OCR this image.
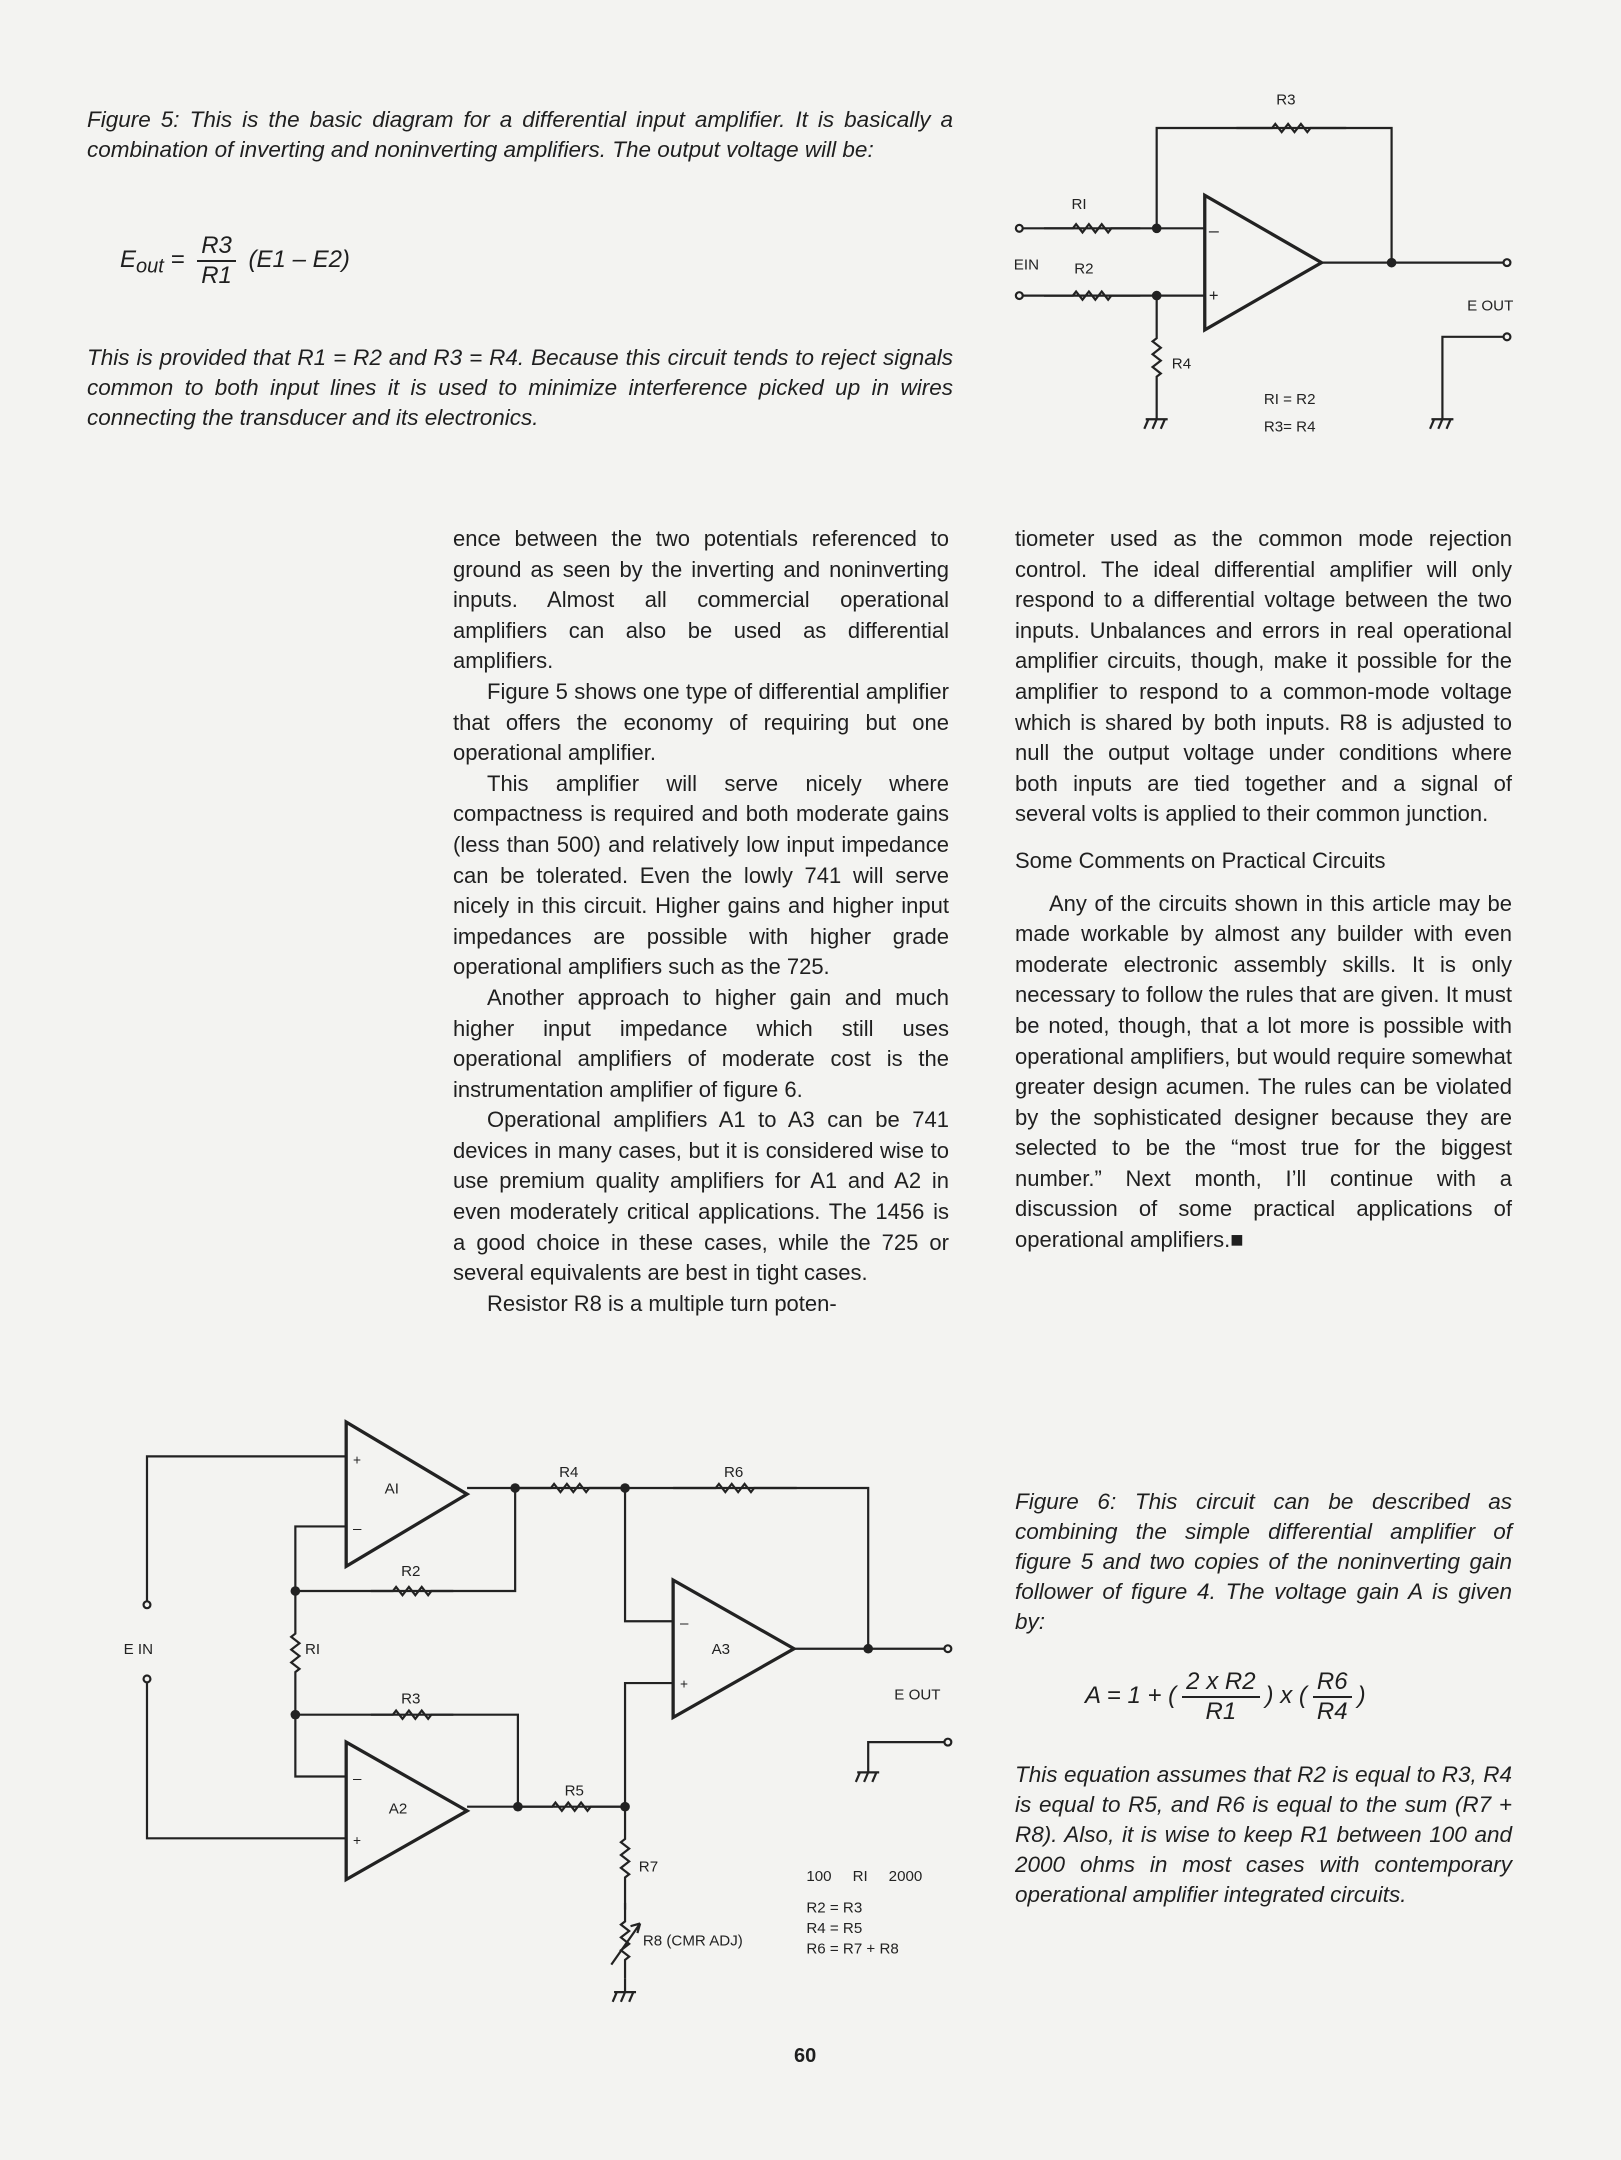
Figure 5: This is the basic diagram for a differential input amplifier. It is basically a combination of inverting and noninverting amplifiers. The output voltage will be:
$E_{out} = \frac{R3}{R1} (E1 - E2)$
This is provided that R1 = R2 and R3 = R4. Because this circuit tends to reject signals common to both input lines it is used to minimize interference picked up in wires connecting the transducer and its electronics.

ence between the two potentials referenced to ground as seen by the inverting and noninverting inputs. Almost all commercial operational amplifiers can also be used as differential amplifiers.

Figure 5 shows one type of differential amplifier that offers the economy of requiring but one operational amplifier.

This amplifier will serve nicely where compactness is required and both moderate gains (less than 500) and relatively low input impedance can be tolerated. Even the lowly 741 will serve nicely in this circuit. Higher gains and higher input impedances are possible with higher grade operational amplifiers such as the 725.

Another approach to higher gain and much higher input impedance which still uses operational amplifiers of moderate cost is the instrumentation amplifier of figure 6.

Operational amplifiers A1 to A3 can be 741 devices in many cases, but it is considered wise to use premium quality amplifiers for A1 and A2 in even moderately critical applications. The 1456 is a good choice in these cases, while the 725 or several equivalents are best in tight cases.

Resistor R8 is a multiple turn poten-

tiometer used as the common mode rejection control. The ideal differential amplifier will only respond to a differential voltage between the two inputs. Unbalances and errors in real operational amplifier circuits, though, make it possible for the amplifier to respond to a common-mode voltage which is shared by both inputs. R8 is adjusted to null the output voltage under conditions where both inputs are tied together and a signal of several volts is applied to their common junction.

Some Comments on Practical Circuits

Any of the circuits shown in this article may be made workable by almost any builder with even moderate electronic assembly skills. It is only necessary to follow the rules that are given. It must be noted, though, that a lot more is possible with operational amplifiers, but would require somewhat greater design acumen. The rules can be violated by the sophisticated designer because they are selected to be the “most true for the biggest number.” Next month, I’ll continue with a discussion of some practical applications of operational amplifiers.■

Figure 6: This circuit can be described as combining the simple differential amplifier of figure 5 and two copies of the noninverting gain follower of figure 4. The voltage gain A is given by:
A = 1 + ( $\frac{\text{2 x R2}}{R1}$ ) x ( $\frac{R6}{R4}$ )
This equation assumes that R2 is equal to R3, R4 is equal to R5, and R6 is equal to the sum (R7 + R8). Also, it is wise to keep R1 between 100 and 2000 ohms in most cases with contemporary operational amplifier integrated circuits.
60
R3
RI
EIN	R2
–
+
E OUT
R4
RI = R2
R3= R4
AI
A2
A3
+
–
–
+
–
+
R4	R6
R2
RI
R3
R5
R7
R8 (CMR ADJ)
E IN
E OUT
100     RI     2000
R2 = R3
R4 = R5
R6 = R7 + R8
